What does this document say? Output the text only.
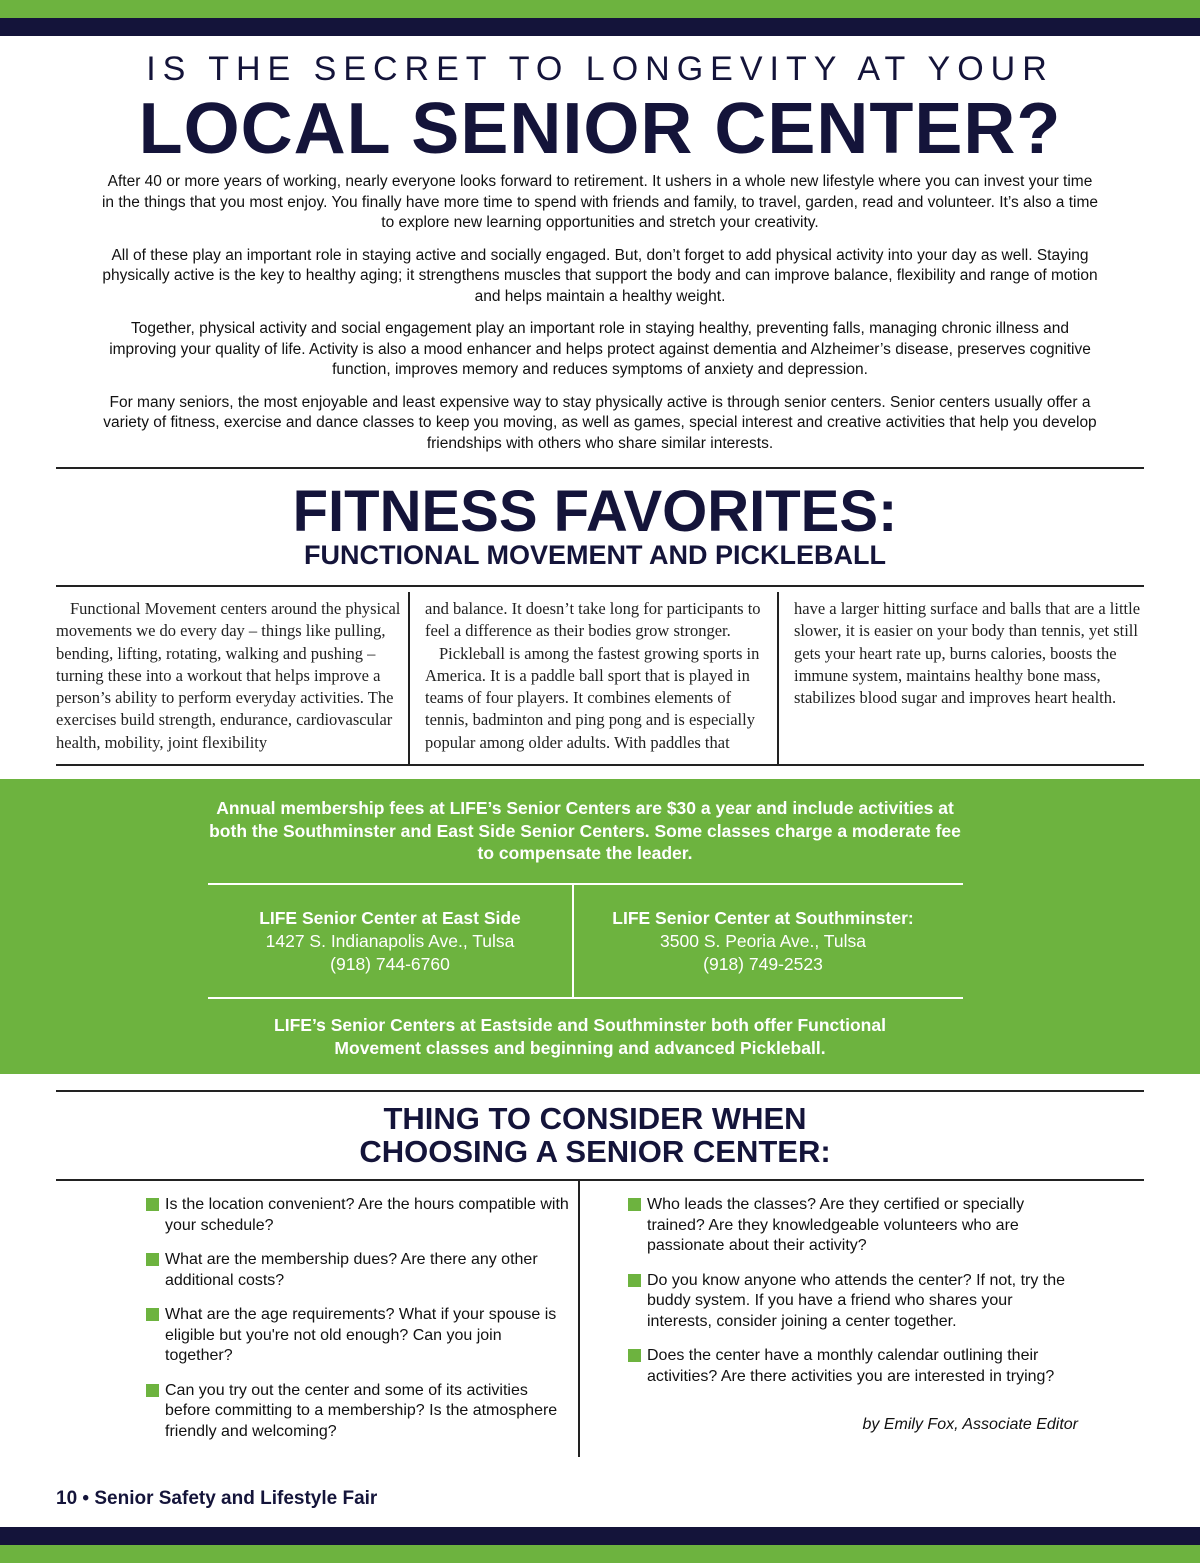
IS THE SECRET TO LONGEVITY AT YOUR
LOCAL SENIOR CENTER?

After 40 or more years of working, nearly everyone looks forward to retirement. It ushers in a whole new lifestyle where you can invest your time in the things that you most enjoy. You finally have more time to spend with friends and family, to travel, garden, read and volunteer. It’s also a time to explore new learning opportunities and stretch your creativity.

All of these play an important role in staying active and socially engaged. But, don’t forget to add physical activity into your day as well. Staying physically active is the key to healthy aging; it strengthens muscles that support the body and can improve balance, flexibility and range of motion and helps maintain a healthy weight.

Together, physical activity and social engagement play an important role in staying healthy, preventing falls, managing chronic illness and improving your quality of life. Activity is also a mood enhancer and helps protect against dementia and Alzheimer’s disease, preserves cognitive function, improves memory and reduces symptoms of anxiety and depression.

For many seniors, the most enjoyable and least expensive way to stay physically active is through senior centers. Senior centers usually offer a variety of fitness, exercise and dance classes to keep you moving, as well as games, special interest and creative activities that help you develop friendships with others who share similar interests.

FITNESS FAVORITES:
FUNCTIONAL MOVEMENT AND PICKLEBALL

Functional Movement centers around the physical movements we do every day – things like pulling, bending, lifting, rotating, walking and pushing – turning these into a workout that helps improve a person’s ability to perform everyday activities. The exercises build strength, endurance, cardiovascular health, mobility, joint flexibility

and balance. It doesn’t take long for participants to feel a difference as their bodies grow stronger.

Pickleball is among the fastest growing sports in America. It is a paddle ball sport that is played in teams of four players. It combines elements of tennis, badminton and ping pong and is especially popular among older adults. With paddles that

have a larger hitting surface and balls that are a little slower, it is easier on your body than tennis, yet still gets your heart rate up, burns calories, boosts the immune system, maintains healthy bone mass, stabilizes blood sugar and improves heart health.

Annual membership fees at LIFE’s Senior Centers are $30 a year and include activities at both the Southminster and East Side Senior Centers. Some classes charge a moderate fee to compensate the leader.
LIFE Senior Center at East Side
1427 S. Indianapolis Ave., Tulsa
(918) 744-6760
LIFE Senior Center at Southminster:
3500 S. Peoria Ave., Tulsa
(918) 749-2523
LIFE’s Senior Centers at Eastside and Southminster both offer Functional Movement classes and beginning and advanced Pickleball.
THING TO CONSIDER WHEN
CHOOSING A SENIOR CENTER:
Is the location convenient? Are the hours compatible with your schedule?
What are the membership dues? Are there any other additional costs?
What are the age requirements? What if your spouse is eligible but you're not old enough? Can you join together?
Can you try out the center and some of its activities before committing to a membership? Is the atmosphere friendly and welcoming?
Who leads the classes? Are they certified or specially trained? Are they knowledgeable volunteers who are passionate about their activity?
Do you know anyone who attends the center? If not, try the buddy system. If you have a friend who shares your interests, consider joining a center together.
Does the center have a monthly calendar outlining their activities? Are there activities you are interested in trying?
by Emily Fox, Associate Editor
10 • Senior Safety and Lifestyle Fair
